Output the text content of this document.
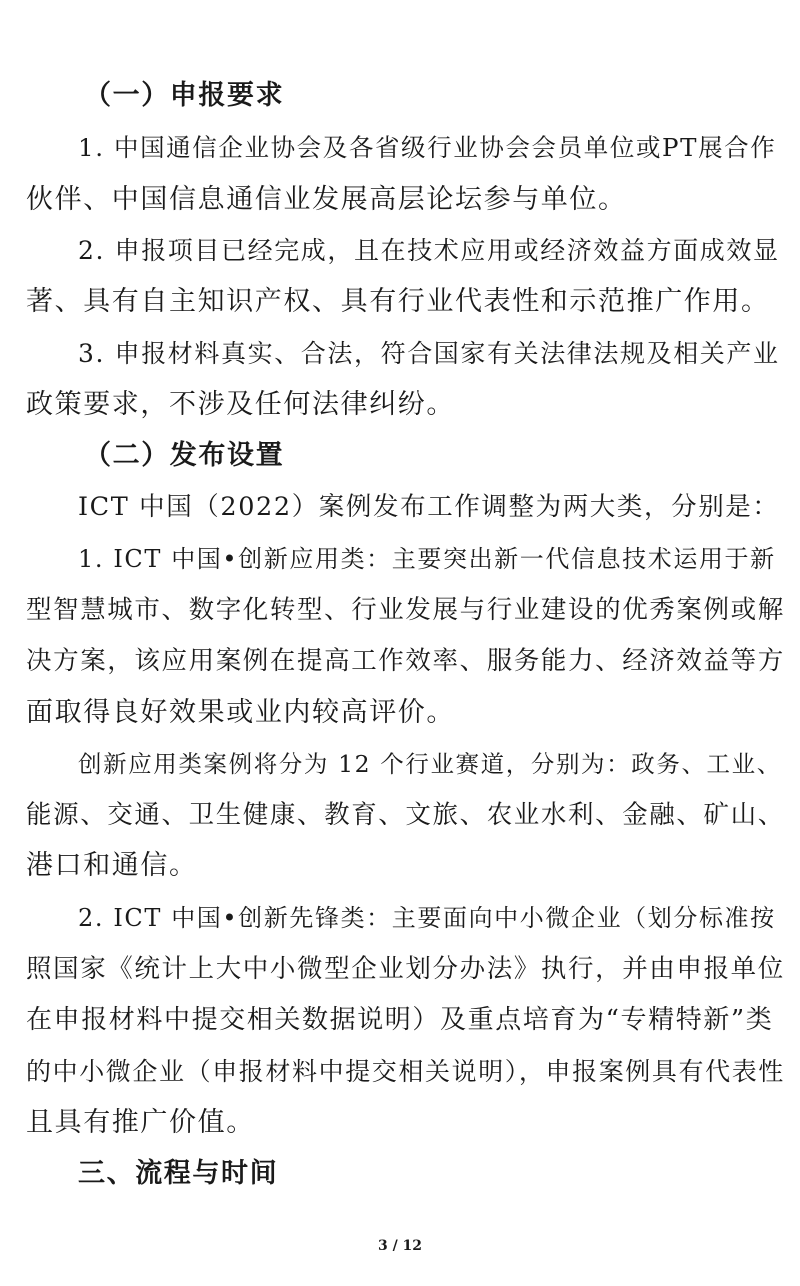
（一）申报要求
1. 中国通信企业协会及各省级行业协会会员单位或PT展合作
伙伴、中国信息通信业发展高层论坛参与单位。
2. 申报项目已经完成，且在技术应用或经济效益方面成效显
著、具有自主知识产权、具有行业代表性和示范推广作用。
3. 申报材料真实、合法，符合国家有关法律法规及相关产业
政策要求，不涉及任何法律纠纷。
（二）发布设置
ICT 中国（2022）案例发布工作调整为两大类，分别是：
1. ICT 中国•创新应用类：主要突出新一代信息技术运用于新
型智慧城市、数字化转型、行业发展与行业建设的优秀案例或解
决方案，该应用案例在提高工作效率、服务能力、经济效益等方
面取得良好效果或业内较高评价。
创新应用类案例将分为 12 个行业赛道，分别为：政务、工业、
能源、交通、卫生健康、教育、文旅、农业水利、金融、矿山、
港口和通信。
2. ICT 中国•创新先锋类：主要面向中小微企业（划分标准按
照国家《统计上大中小微型企业划分办法》执行，并由申报单位
在申报材料中提交相关数据说明）及重点培育为“专精特新”类
的中小微企业（申报材料中提交相关说明），申报案例具有代表性
且具有推广价值。
三、流程与时间
3 / 12
